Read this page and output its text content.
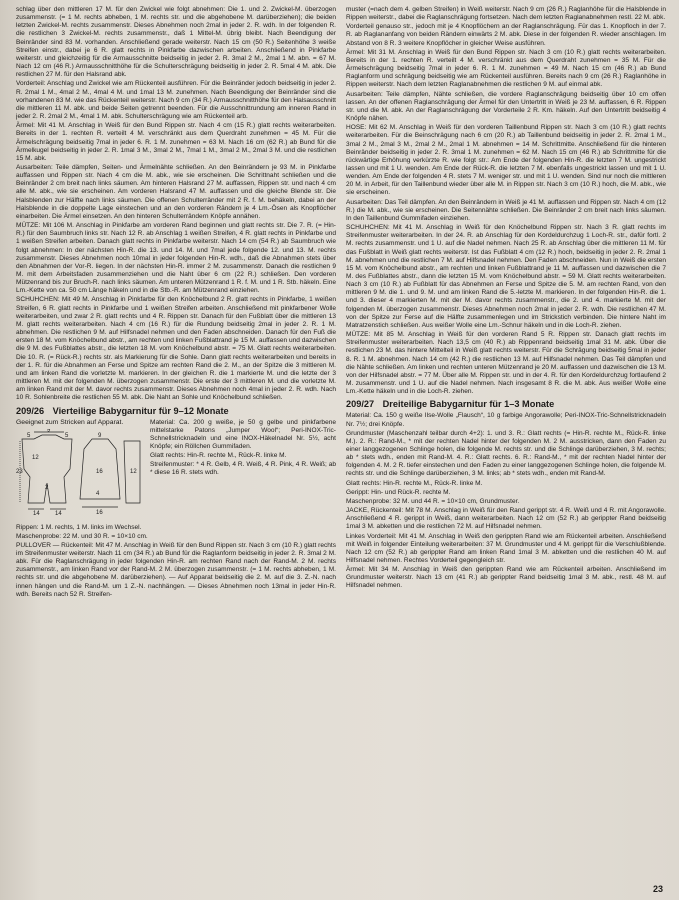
schlag über den mittleren 17 M. für den Zwickel wie folgt abnehmen: Die 1. und 2. Zwickel-M. überzogen zusammenstr. (= 1 M. rechts abheben, 1 M. rechts str. und die abgehobene M. darüberziehen); die beiden letzten Zwickel-M. rechts zusammenstr. Dieses Abnehmen noch 2mal in jeder 2. R. wdh. In der folgenden R. die restlichen 3 Zwickel-M. rechts zusammenstr., daß 1 Mittel-M. übrig bleibt. Nach Beendigung der Beinränder sind 83 M. vorhanden. Anschließend gerade weiterstr. Nach 15 cm (50 R.) Seitenhöhe 3 weiße Streifen einstr., dabei je 6 R. glatt rechts in Pinkfarbe dazwischen arbeiten. Anschließend in Pinkfarbe weiterstr. und gleichzeitig für die Armausschnitte beidseitig in jeder 2. R. 3mal 2 M., 2mal 1 M. abn. = 67 M. Nach 12 cm (46 R.) Armausschnitthöhe für die Schulterschrägung beidseitig in jeder 2. R. 5mal 4 M. abk. Die restlichen 27 M. für den Halsrand abk.

Vorderteil: Anschlag und Zwickel wie am Rückenteil ausführen. Für die Beinränder jedoch beidseitig in jeder 2. R. 2mal 1 M., 4mal 2 M., 4mal 4 M. und 1mal 13 M. zunehmen. Nach Beendigung der Beinränder sind die vorhandenen 83 M. wie das Rückenteil weiterstr. Nach 9 cm (34 R.) Armausschnitthöhe für den Halsausschnitt die mittleren 11 M. abk. und beide Seiten getrennt beenden. Für die Ausschnittrundung am inneren Rand in jeder 2. R. 2mal 2 M., 4mal 1 M. abk. Schulterschrägung wie am Rückenteil arb.

Ärmel: Mit 41 M. Anschlag in Weiß für den Bund Rippen str. Nach 4 cm (15 R.) glatt rechts weiterarbeiten. Bereits in der 1. rechten R. verteilt 4 M. verschränkt aus dem Querdraht zunehmen = 45 M. Für die Ärmelschrägung beidseitig 7mal in jeder 6. R. 1 M. zunehmen = 63 M. Nach 16 cm (62 R.) ab Bund für die Ärmelkugel beidseitig in jeder 2. R. 1mal 3 M., 3mal 2 M., 7mal 1 M., 3mal 2 M., 2mal 3 M. und die restlichen 15 M. abk.

Ausarbeiten: Teile dämpfen, Seiten- und Ärmelnähte schließen. An den Beinrändern je 93 M. in Pinkfarbe auffassen und Rippen str. Nach 4 cm die M. abk., wie sie erscheinen. Die Schrittnaht schließen und die Beinränder 2 cm breit nach links säumen. Am hinteren Halsrand 27 M. auffassen, Rippen str. und nach 4 cm alle M. abk., wie sie erscheinen. Am vorderen Halsrand 47 M. auffassen und die gleiche Blende str. Die Halsblenden zur Hälfte nach links säumen. Die offenen Schulterränder mit 2 R. f. M. behäkeln, dabei an der Halsblende in die doppelte Lage einstechen und an den vorderen Rändern je 4 Lm.-Ösen als Knopflöcher einarbeiten. Die Ärmel einsetzen. An den hinteren Schulterrändern Knöpfe annähen.

MÜTZE: Mit 106 M. Anschlag in Pinkfarbe am vorderen Rand beginnen und glatt rechts str. Die 7. R. (= Hin-R.) für den Saumbruch links str. Nach 12 R. ab Anschlag 1 weißen Streifen, 4 R. glatt rechts in Pinkfarbe und 1 weißen Streifen arbeiten. Danach glatt rechts in Pinkfarbe weiterstr. Nach 14 cm (54 R.) ab Saumbruch wie folgt abnehmen: In der nächsten Hin-R. die 13. und 14. M. und 7mal jede folgende 12. und 13. M. rechts zusammenstr. Dieses Abnehmen noch 10mal in jeder folgenden Hin-R. wdh., daß die Abnahmen stets über den Abnahmen der Vor-R. liegen. In der nächsten Hin-R. immer 2 M. zusammenstr. Danach die restlichen 9 M. mit dem Arbeitsfaden zusammenziehen und die Naht über 6 cm (22 R.) schließen. Den vorderen Mützenrand bis zur Bruch-R. nach links säumen. Am unteren Mützenrand 1 R. f. M. und 1 R. Stb. häkeln. Eine Lm.-Kette von ca. 50 cm Länge häkeln und in die Stb.-R. am Mützenrand einziehen.

SCHUHCHEN: Mit 49 M. Anschlag in Pinkfarbe für den Knöchelbund 2 R. glatt rechts in Pinkfarbe, 1 weißen Streifen, 6 R. glatt rechts in Pinkfarbe und 1 weißen Streifen arbeiten. Anschließend mit pinkfarbener Wolle weiterarbeiten, und zwar 2 R. glatt rechts und 4 R. Rippen str. Danach für den Fußblatt über die mittleren 13 M. glatt rechts weiterarbeiten. Nach 4 cm (16 R.) für die Rundung beidseitig 2mal in jeder 2. R. 1 M. abnehmen. Die restlichen 9 M. auf Hilfsnadel nehmen und den Faden abschneiden. Danach für den Fuß die ersten 18 M. vom Knöchelbund abstr., am rechten und linken Fußblattrand je 15 M. auffassen und dazwischen die 9 M. des Fußblattes abstr., die letzten 18 M. vom Knöchelbund abstr. = 75 M. Glatt rechts weiterarbeiten. Die 10. R. (= Rück-R.) rechts str. als Markierung für die Sohle. Dann glatt rechts weiterarbeiten und bereits in der 1. R. für die Abnahmen an Ferse und Spitze am rechten Rand die 2. M., an der Spitze die 3 mittleren M. und am linken Rand die vorletzte M. markieren. In der gleichen R. die 1 markierte M. und die letzte der 3 mittleren M. mit der folgenden M. überzogen zusammenstr. Die erste der 3 mittleren M. und die vorletzte M. am linken Rand mit der M. davor rechts zusammenstr. Dieses Abnehmen noch 4mal in jeder 2. R. wdh. Nach 10 R. Sohlenbreite die restlichen 55 M. abk. Die Naht an Sohle und Knöchelbund schließen.

209/26 Vierteilige Babygarnitur für 9–12 Monate
Geeignet zum Stricken auf Apparat.
5
9
5
23
12
2
14	14
9
16
4
16
12

Material: Ca. 200 g weiße, je 50 g gelbe und pinkfarbene mittelstarke Patons „Jumper Wool“; Peri-INOX-Tric-Schnellstricknadeln und eine INOX-Häkelnadel Nr. 5½, acht Knöpfe; ein Röllchen Gummifaden.

Glatt rechts: Hin-R. rechte M., Rück-R. linke M.

Streifenmuster: * 4 R. Gelb, 4 R. Weiß, 4 R. Pink, 4 R. Weiß; ab * diese 16 R. stets wdh.

Rippen: 1 M. rechts, 1 M. links im Wechsel.

Maschenprobe: 22 M. und 30 R. = 10×10 cm.

PULLOVER — Rückenteil: Mit 47 M. Anschlag in Weiß für den Bund Rippen str. Nach 3 cm (10 R.) glatt rechts im Streifenmuster weiterstr. Nach 11 cm (34 R.) ab Bund für die Raglanform beidseitig in jeder 2. R. 3mal 2 M. abk. Für die Raglanschrägung in jeder folgenden Hin-R. am rechten Rand nach der Rand-M. 2 M. rechts zusammenstr., am linken Rand vor der Rand-M. 2 M. überzogen zusammenstr. (= 1 M. rechts abheben, 1 M. rechts str. und die abgehobene M. darüberziehen). — Auf Apparat beidseitig die 2. M. auf die 3. Z.-N. nach innen hängen und die Rand-M. um 1 Z.-N. nachhängen. — Dieses Abnehmen noch 13mal in jeder Hin-R. wdh. Bereits nach 52 R. Streifen-

muster (=nach dem 4. gelben Streifen) in Weiß weiterstr. Nach 9 cm (26 R.) Raglanhöhe für die Halsblende in Rippen weiterstr., dabei die Raglanschrägung fortsetzen. Nach dem letzten Raglanabnehmen restl. 22 M. abk.

Vorderteil genauso str., jedoch mit je 4 Knopflöchern an der Raglanschrägung. Für das 1. Knopfloch in der 7. R. ab Raglananfang von beiden Rändern einwärts 2 M. abk. Diese in der folgenden R. wieder anschlagen. Im Abstand von 8 R. 3 weitere Knopflöcher in gleicher Weise ausführen.

Ärmel: Mit 31 M. Anschlag in Weiß für den Bund Rippen str. Nach 3 cm (10 R.) glatt rechts weiterarbeiten. Bereits in der 1. rechten R. verteilt 4 M. verschränkt aus dem Querdraht zunehmen = 35 M. Für die Ärmelschrägung beidseitig 7mal in jeder 6. R. 1 M. zunehmen = 49 M. Nach 15 cm (46 R.) ab Bund Raglanform und schrägung beidseitig wie am Rückenteil ausführen. Bereits nach 9 cm (26 R.) Raglanhöhe in Rippen weiterstr. Nach dem letzten Raglanabnehmen die restlichen 9 M. auf einmal abk.

Ausarbeiten: Teile dämpfen, Nähte schließen, die vordere Raglanschrägung beidseitig über 10 cm offen lassen. An der offenen Raglanschrägung der Ärmel für den Untertritt in Weiß je 23 M. auffassen, 6 R. Rippen str. und die M. abk. An der Raglanschrägung der Vorderteile 2 R. Km. häkeln. Auf den Untertritt beidseitig 4 Knöpfe nähen.

HOSE: Mit 62 M. Anschlag in Weiß für den vorderen Taillenbund Rippen str. Nach 3 cm (10 R.) glatt rechts weiterarbeiten. Für die Beinschrägung nach 6 cm (20 R.) ab Taillenbund beidseitig in jeder 2. R. 2mal 1 M., 3mal 2 M., 2mal 3 M., 2mal 2 M., 2mal 1 M. abnehmen = 14 M. Schrittmitte. Anschließend für die hinteren Beinränder beidseitig in jeder 2. R. 3mal 1 M. zunehmen = 62 M. Nach 15 cm (46 R.) ab Schrittmitte für die rückwärtige Erhöhung verkürzte R. wie folgt str.: Am Ende der folgenden Hin-R. die letzten 7 M. ungestrickt lassen und mit 1 U. wenden. Am Ende der Rück-R. die letzten 7 M. ebenfalls ungestrickt lassen und mit 1 U. wenden. Am Ende der folgenden 4 R. stets 7 M. weniger str. und mit 1 U. wenden. Sind nur noch die mittleren 20 M. in Arbeit, für den Taillenbund wieder über alle M. in Rippen str. Nach 3 cm (10 R.) hoch, die M. abk., wie sie erscheinen.

Ausarbeiten: Das Teil dämpfen. An den Beinrändern in Weiß je 41 M. auffassen und Rippen str. Nach 4 cm (12 R.) die M. abk., wie sie erscheinen. Die Seitennähte schließen. Die Beinränder 2 cm breit nach links säumen. In den Taillenbund Gummifaden einziehen.

SCHUHCHEN: Mit 41 M. Anschlag in Weiß für den Knöchelbund Rippen str. Nach 3 R. glatt rechts im Streifenmuster weiterarbeiten. In der 24. R. ab Anschlag für den Kordeldurchzug 1 Loch-R. str., dafür fortl. 2 M. rechts zusammenstr. und 1 U. auf die Nadel nehmen. Nach 25 R. ab Anschlag über die mittleren 11 M. für das Fußblatt in Weiß glatt rechts weiterstr. Ist das Fußblatt 4 cm (12 R.) hoch, beidseitig in jeder 2. R. 2mal 1 M. abnehmen und die restlichen 7 M. auf Hilfsnadel nehmen. Den Faden abschneiden. Nun in Weiß die ersten 15 M. vom Knöchelbund abstr., am rechten und linken Fußblattrand je 11 M. auffassen und dazwischen die 7 M. des Fußblattes abstr., dann die letzten 15 M. vom Knöchelbund abstr. = 59 M. Glatt rechts weiterarbeiten. Nach 3 cm (10 R.) ab Fußblatt für das Abnehmen an Ferse und Spitze die 5. M. am rechten Rand, von den mittleren 9 M. die 1. und 9. M. und am linken Rand die 5.-letzte M. markieren. In der folgenden Hin-R. die 1. und 3. dieser 4 markierten M. mit der M. davor rechts zusammenstr., die 2. und 4. markierte M. mit der folgenden M. überzogen zusammenstr. Dieses Abnehmen noch 2mal in jeder 2. R. wdh. Die restlichen 47 M. von der Spitze zur Ferse auf die Hälfte zusammenlegen und im Strickstich verbinden. Die hintere Naht im Matratzenstich schließen. Aus weißer Wolle eine Lm.-Schnur häkeln und in die Loch-R. ziehen.

MÜTZE: Mit 85 M. Anschlag in Weiß für den vorderen Rand 5 R. Rippen str. Danach glatt rechts im Streifenmuster weiterarbeiten. Nach 13,5 cm (40 R.) ab Rippenrand beidseitig 1mal 31 M. abk. Über die restlichen 23 M. das hintere Mittelteil in Weiß glatt rechts weiterstr. Für die Schrägung beidseitig 5mal in jeder 8. R. 1 M. abnehmen. Nach 14 cm (42 R.) die restlichen 13 M. auf Hilfsnadel nehmen. Das Teil dämpfen und die Nähte schließen. Am linken und rechten unteren Mützenrand je 20 M. auffassen und dazwischen die 13 M. von der Hilfsnadel abstr. = 77 M. Über alle M. Rippen str. und in der 4. R. für den Kordeldurchzug fortlaufend 2 M. zusammenstr. und 1 U. auf die Nadel nehmen. Nach insgesamt 8 R. die M. abk. Aus weißer Wolle eine Lm.-Kette häkeln und in die Loch-R. ziehen.

209/27 Dreiteilige Babygarnitur für 1–3 Monate

Material: Ca. 150 g weiße Ilse-Wolle „Flausch“, 10 g farbige Angorawolle; Peri-INOX-Tric-Schnellstricknadeln Nr. 7½; drei Knöpfe.

Grundmuster (Maschenzahl teilbar durch 4+2): 1. und 3. R.: Glatt rechts (= Hin-R. rechte M., Rück-R. linke M.). 2. R.: Rand-M., * mit der rechten Nadel hinter der folgenden M. 2 M. ausstricken, dann den Faden zu einer langgezogenen Schlinge holen, die folgende M. rechts str. und die Schlinge darüberziehen, 3 M. rechts; ab * stets wdh., enden mit Rand-M. 4. R.: Glatt rechts. 6. R.: Rand-M., * mit der rechten Nadel hinter der folgenden 4. M. 2 R. tiefer einstechen und den Faden zu einer langgezogenen Schlinge holen, die folgende M. rechts str. und die Schlinge darüberziehen, 3 M. links; ab * stets wdh., enden mit Rand-M.

Glatt rechts: Hin-R. rechte M., Rück-R. linke M.

Gerippt: Hin- und Rück-R. rechte M.

Maschenprobe: 32 M. und 44 R. = 10×10 cm, Grundmuster.

JACKE, Rückenteil: Mit 78 M. Anschlag in Weiß für den Rand gerippt str. 4 R. Weiß und 4 R. mit Angorawolle. Anschließend 4 R. gerippt in Weiß, dann weiterarbeiten. Nach 12 cm (52 R.) ab gerippter Rand beidseitig 1mal 3 M. abketten und die restlichen 72 M. auf Hilfsnadel nehmen.

Linkes Vorderteil: Mit 41 M. Anschlag in Weiß den gerippten Rand wie am Rückenteil arbeiten. Anschließend mit Weiß in folgender Einteilung weiterarbeiten: 37 M. Grundmuster und 4 M. gerippt für die Verschlußblende. Nach 12 cm (52 R.) ab gerippter Rand am linken Rand 1mal 3 M. abketten und die restlichen 40 M. auf Hilfsnadel nehmen. Rechtes Vorderteil gegengleich str.

Ärmel: Mit 34 M. Anschlag in Weiß den gerippten Rand wie am Rückenteil arbeiten. Anschließend im Grundmuster weiterstr. Nach 13 cm (41 R.) ab gerippter Rand beidseitig 1mal 3 M. abk., restl. 48 M. auf Hilfsnadel nehmen.

23
